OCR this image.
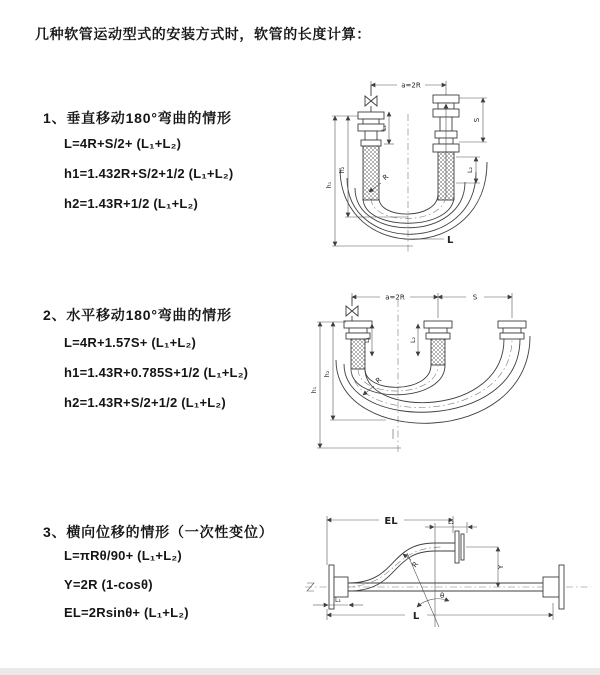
几种软管运动型式的安装方式时，软管的长度计算：
1、垂直移动180°弯曲的情形
L=4R+S/2+ (L₁+L₂)
h1=1.432R+S/2+1/2 (L₁+L₂)
h2=1.43R+1/2 (L₁+L₂)
2、水平移动180°弯曲的情形
L=4R+1.57S+ (L₁+L₂)
h1=1.43R+0.785S+1/2 (L₁+L₂)
h2=1.43R+S/2+1/2 (L₁+L₂)
3、横向位移的情形（一次性变位）
L=πRθ/90+ (L₁+L₂)
Y=2R (1-cosθ)
EL=2Rsinθ+ (L₁+L₂)
a=2R
h₁
h₂
L₁
S
L₂
R
L
a=2R	S
h₁
h₂
L₁	L₂
R
EL	L₂
Y
θ
R
L
L₁
